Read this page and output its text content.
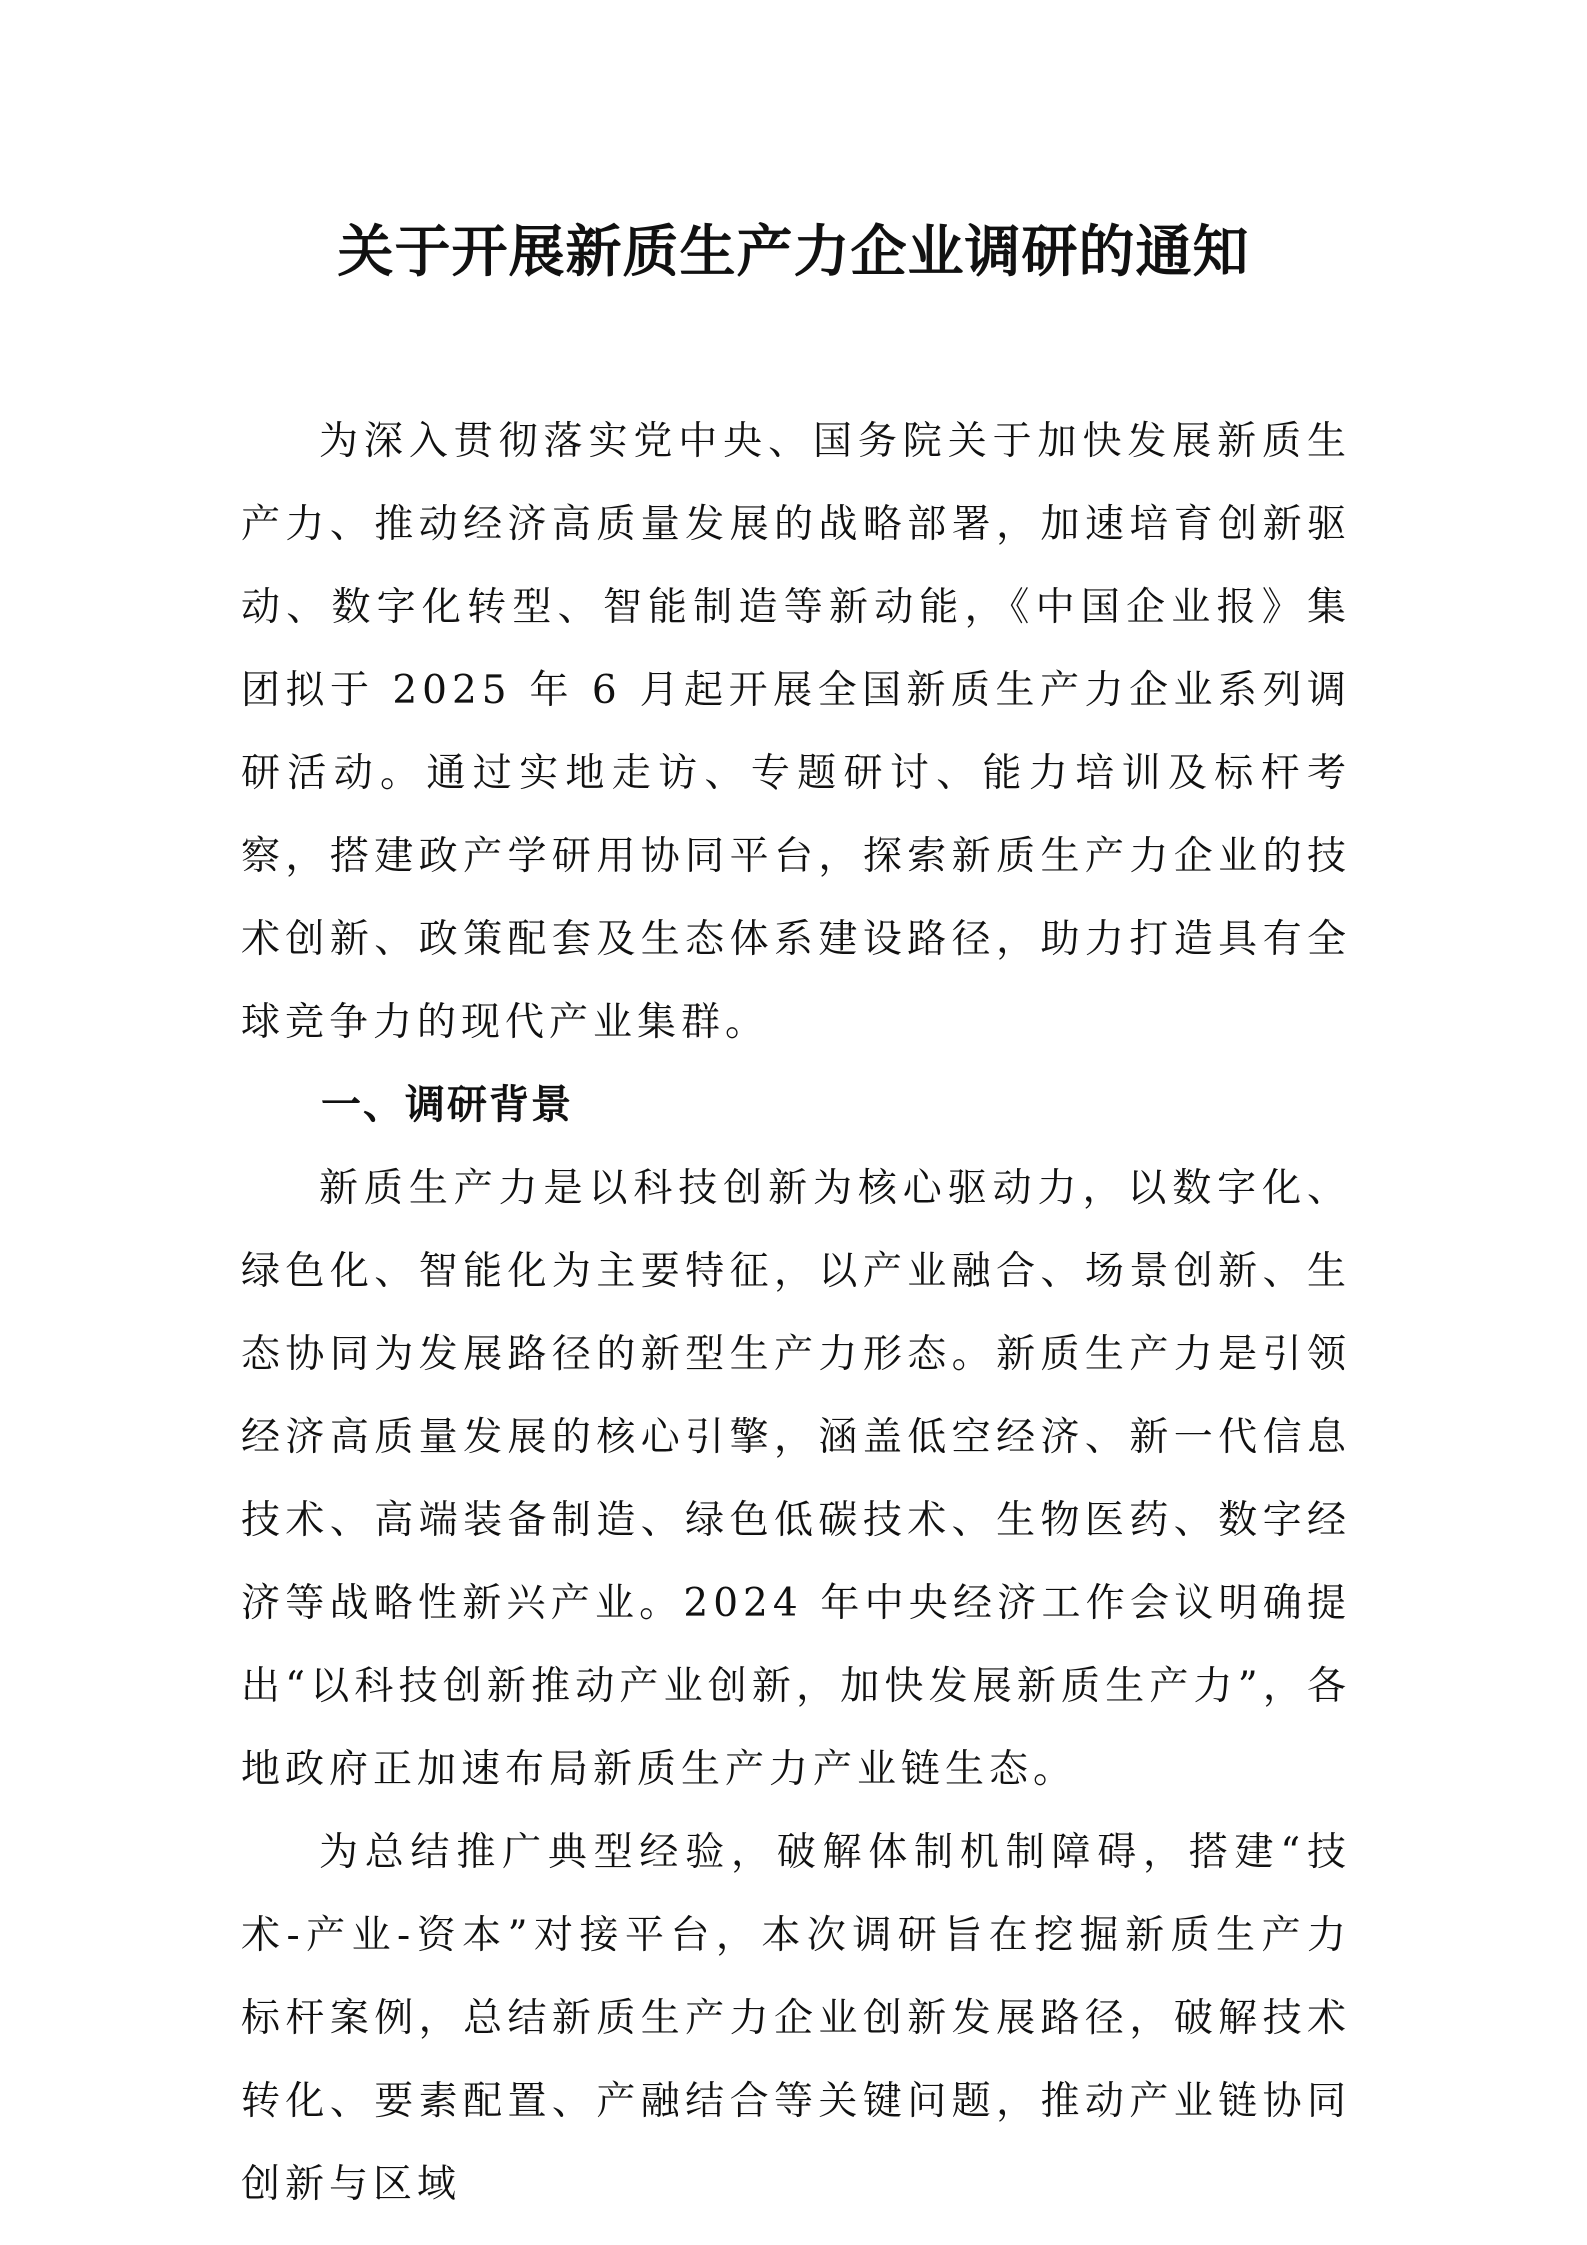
关于开展新质生产力企业调研的通知

为深入贯彻落实党中央、国务院关于加快发展新质生产力、推动经济高质量发展的战略部署，加速培育创新驱动、数字化转型、智能制造等新动能，《中国企业报》集团拟于 2025 年 6 月起开展全国新质生产力企业系列调研活动。通过实地走访、专题研讨、能力培训及标杆考察，搭建政产学研用协同平台，探索新质生产力企业的技术创新、政策配套及生态体系建设路径，助力打造具有全球竞争力的现代产业集群。

一、调研背景

新质生产力是以科技创新为核心驱动力，以数字化、绿色化、智能化为主要特征，以产业融合、场景创新、生态协同为发展路径的新型生产力形态。新质生产力是引领经济高质量发展的核心引擎，涵盖低空经济、新一代信息技术、高端装备制造、绿色低碳技术、生物医药、数字经济等战略性新兴产业。2024 年中央经济工作会议明确提出“以科技创新推动产业创新，加快发展新质生产力”，各地政府正加速布局新质生产力产业链生态。

为总结推广典型经验，破解体制机制障碍，搭建“技术-产业-资本”对接平台，本次调研旨在挖掘新质生产力标杆案例，总结新质生产力企业创新发展路径，破解技术转化、要素配置、产融结合等关键问题，推动产业链协同创新与区域
